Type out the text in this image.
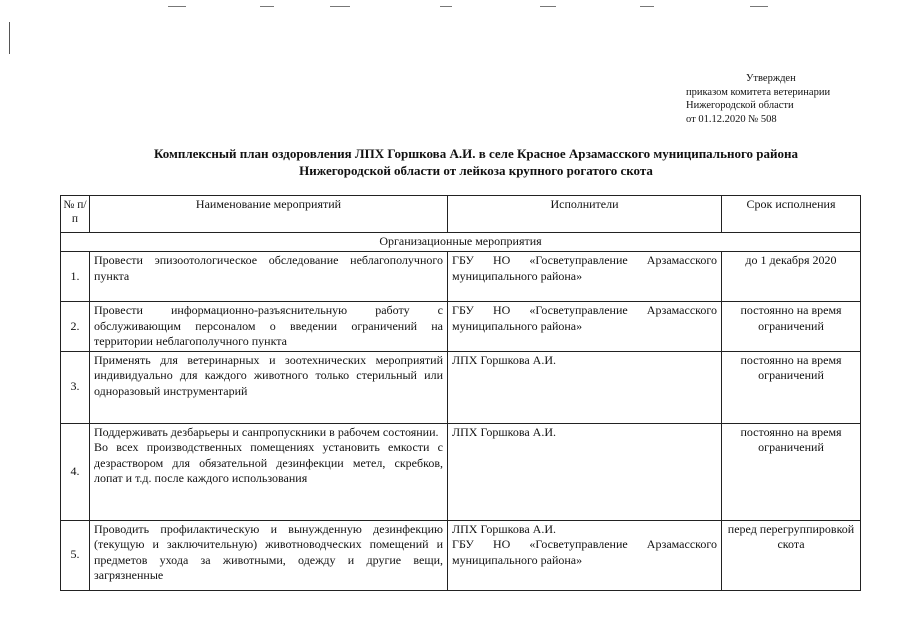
Утвержден
приказом комитета ветеринарии
Нижегородской области
от 01.12.2020 № 508
Комплексный план оздоровления ЛПХ Горшкова А.И. в селе Красное Арзамасского муниципального района
Нижегородской области от лейкоза крупного рогатого скота
№ п/п	Наименование мероприятий	Исполнители	Срок исполнения
Организационные мероприятия			
1.	Провести эпизоотологическое обследование неблагополучного пункта	ГБУ НО «Госветуправление Арзамасского муниципального района»	до 1 декабря 2020
2.	Провести информационно-разъяснительную работу с обслуживающим персоналом о введении ограничений на территории неблагополучного пункта	ГБУ НО «Госветуправление Арзамасского муниципального района»	постоянно на время ограничений
3.	Применять для ветеринарных и зоотехнических мероприятий индивидуально для каждого животного только стерильный или одноразовый инструментарий	ЛПХ Горшкова А.И.	постоянно на время ограничений
4.	Поддерживать дезбарьеры и санпропускники в рабочем состоянии.
Во всех производственных помещениях установить емкости с дезраствором для обязательной дезинфекции метел, скребков, лопат и т.д. после каждого использования	ЛПХ Горшкова А.И.	постоянно на время ограничений
5.	Проводить профилактическую и вынужденную дезинфекцию (текущую и заключительную) животноводческих помещений и предметов ухода за животными, одежду и другие вещи, загрязненные	ЛПХ Горшкова А.И.
ГБУ НО «Госветуправление Арзамасского муниципального района»	перед перегруппировкой скота
